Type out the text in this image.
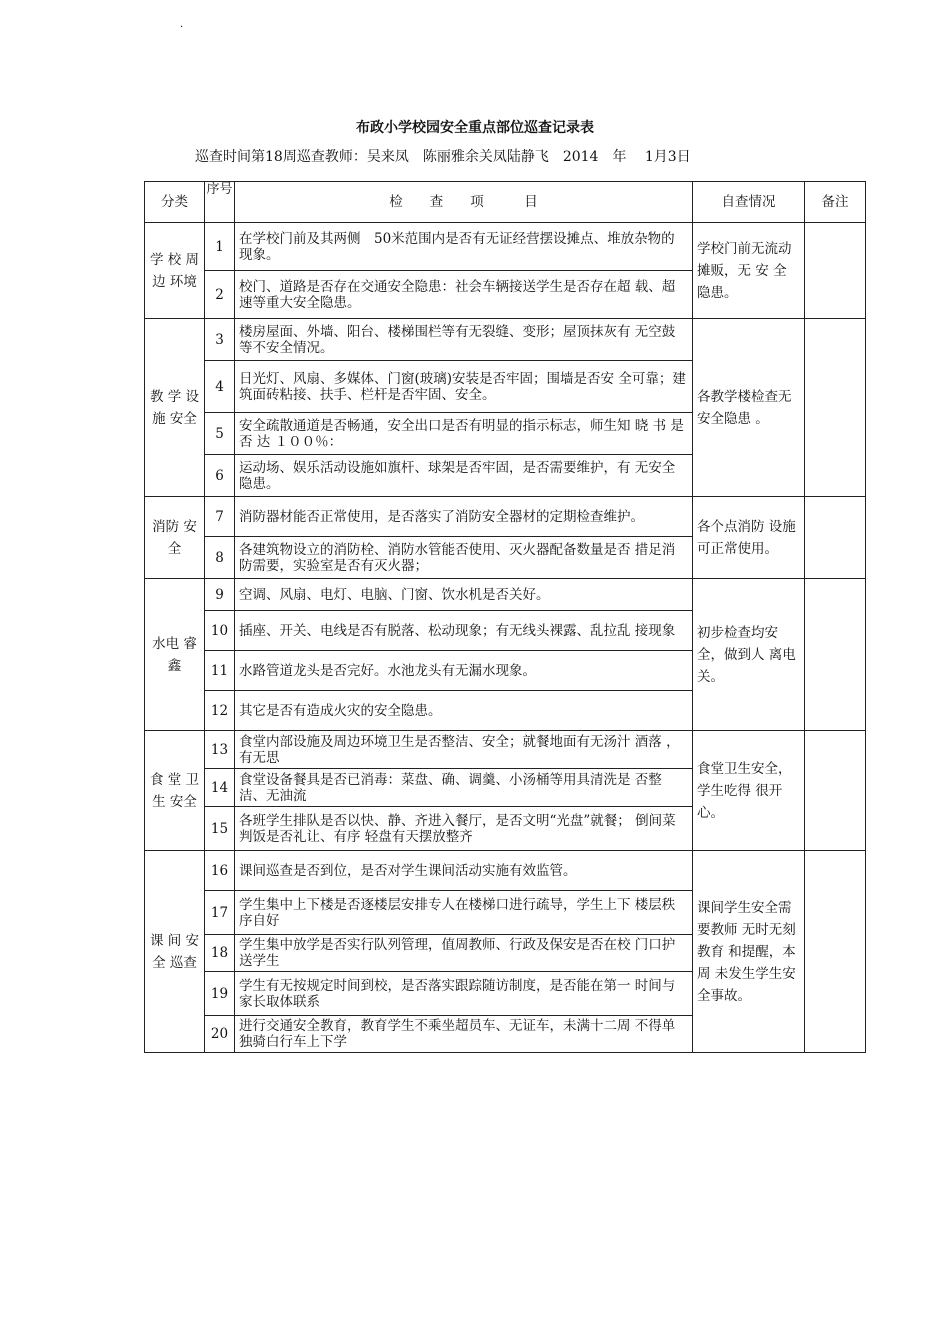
·
布政小学校园安全重点部位巡查记录表
巡查时间第18周巡查教师：吴来凤　陈丽雅余关凤陆静飞　2014　年　 1月3日
分类	序号	检　　查　　项　　　目	自查情况	备注
学 校 周 边 环境	1	在学校门前及其两侧　50米范围内是否有无证经营摆设摊点、堆放杂物的现象。	学校门前无流动摊贩，无 安 全隐患。	
	2	校门、道路是否存在交通安全隐患：社会车辆接送学生是否存在超 载、超速等重大安全隐患。		
教 学 设 施 安全	3	楼房屋面、外墙、阳台、楼梯围栏等有无裂缝、变形；屋顶抹灰有 无空鼓等不安全情况。	各教学楼检查无安全隐患 。	
	4	日光灯、风扇、多媒体、门窗(玻璃)安装是否牢固；围墙是否安 全可靠；建筑面砖粘接、扶手、栏杆是否牢固、安全。		
	5	安全疏散通道是否畅通，安全出口是否有明显的指示标志，师生知 晓 书 是 否 达 １００％：		
	6	运动场、娱乐活动设施如旗杆、球架是否牢固，是否需要维护，有 无安全隐患。		
消防 安全	7	消防器材能否正常使用，是否落实了消防安全器材的定期检查维护。	各个点消防 设施可正常使用。	
	8	各建筑物设立的消防栓、消防水管能否使用、灭火器配备数量是否 措足消防需要，实验室是否有灭火器；		
水电 睿鑫	9	空调、风扇、电灯、电脑、门窗、饮水机是否关好。	初步检查均安全，做到人 离电关。	
	10	插座、开关、电线是否有脱落、松动现象；有无线头裸露、乱拉乱 接现象		
	11	水路管道龙头是否完好。水池龙头有无漏水现象。		
	12	其它是否有造成火灾的安全隐患。		
食 堂 卫 生 安全	13	食堂内部设施及周边环境卫生是否整洁、安全；就餐地面有无汤汁 酒落 ，　有无思	食堂卫生安全，学生吃得 很开心。	
	14	食堂设备餐具是否已消毒：菜盘、确、调羹、小汤桶等用具清洗是 否整洁、无油流		
	15	各班学生排队是否以快、静、齐进入餐厅，是否文明“光盘”就餐； 倒间菜判饭是否礼让、有序 轻盘有天摆放整齐		
课 间 安 全 巡查	16	课间巡查是否到位，是否对学生课间活动实施有效监管。	课间学生安全需要教师 无时无刻教育 和提醒，本周 未发生学生安全事故。	
	17	学生集中上下楼是否逐楼层安排专人在楼梯口进行疏导，学生上下 楼层秩序自好		
	18	学生集中放学是否实行队列管理，值周教师、行政及保安是否在校 门口护送学生		
	19	学生有无按规定时间到校，是否落实跟踪随访制度，是否能在第一 时间与家长取体联系		
	20	进行交通安全教育，教育学生不乘坐超员车、无证车，未满十二周 不得单独骑白行车上下学		
